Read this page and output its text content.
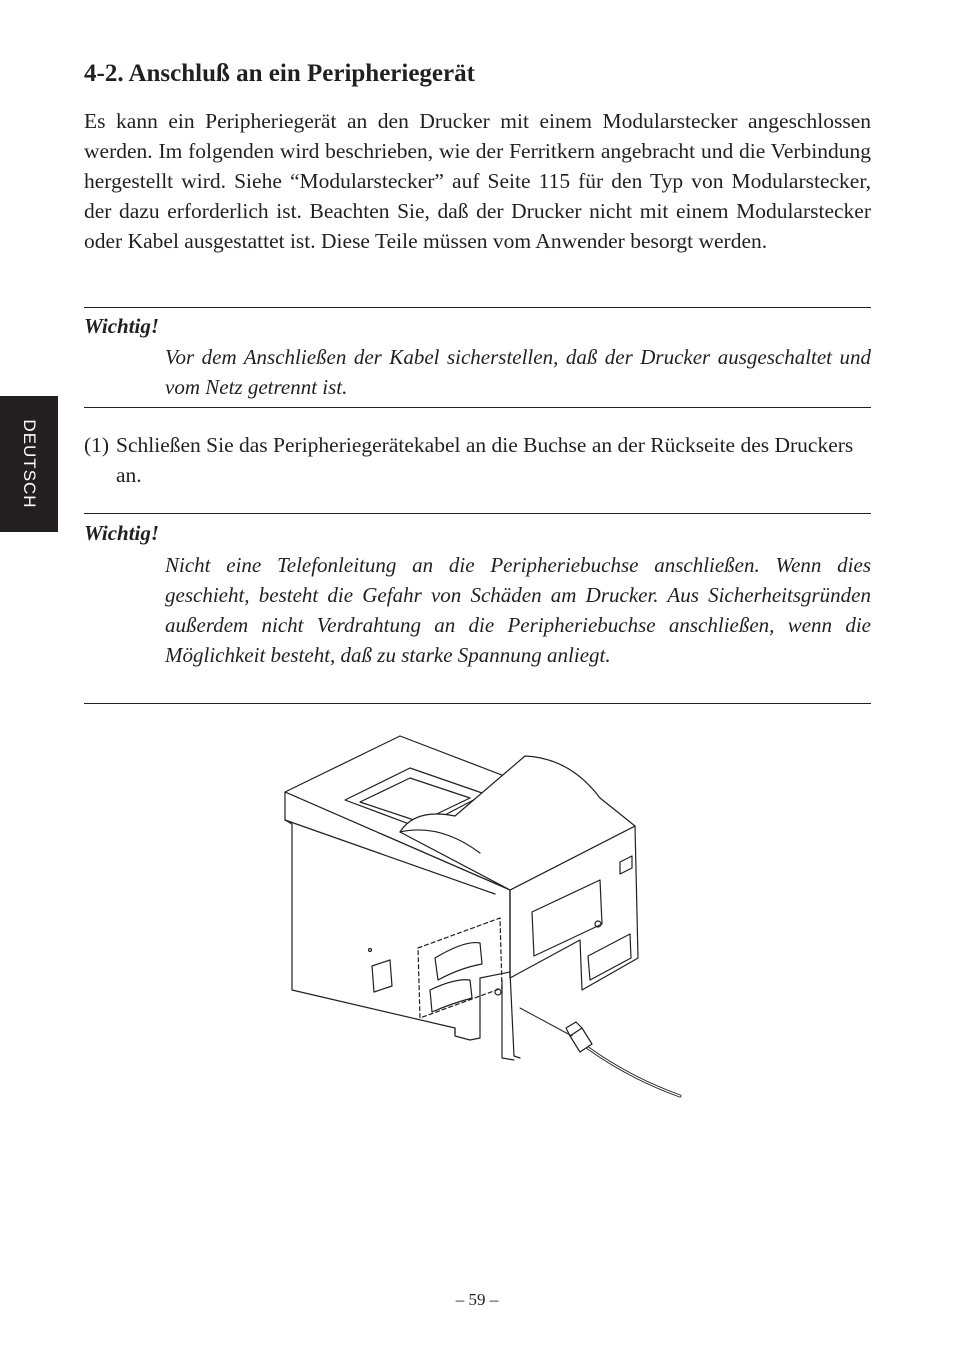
4-2. Anschluß an ein Peripheriegerät

Es kann ein Peripheriegerät an den Drucker mit einem Modularstecker angeschlossen werden. Im folgenden wird beschrieben, wie der Ferritkern angebracht und die Verbindung hergestellt wird. Siehe “Modularstecker” auf Seite 115 für den Typ von Modularstecker, der dazu erforderlich ist. Beachten Sie, daß der Drucker nicht mit einem Modularstecker oder Kabel ausgestattet ist. Diese Teile müssen vom Anwender besorgt werden.

Wichtig!

Vor dem Anschließen der Kabel sicherstellen, daß der Drucker ausgeschaltet und vom Netz getrennt ist.

(1) Schließen Sie das Peripheriegerätekabel an die Buchse an der Rückseite des Druckers an.

Wichtig!

Nicht eine Telefonleitung an die Peripheriebuchse anschließen. Wenn dies geschieht, besteht die Gefahr von Schäden am Drucker. Aus Sicherheitsgründen außerdem nicht Verdrahtung an die Peripheriebuchse anschließen, wenn die Möglichkeit besteht, daß zu starke Spannung anliegt.

DEUTSCH
– 59 –
